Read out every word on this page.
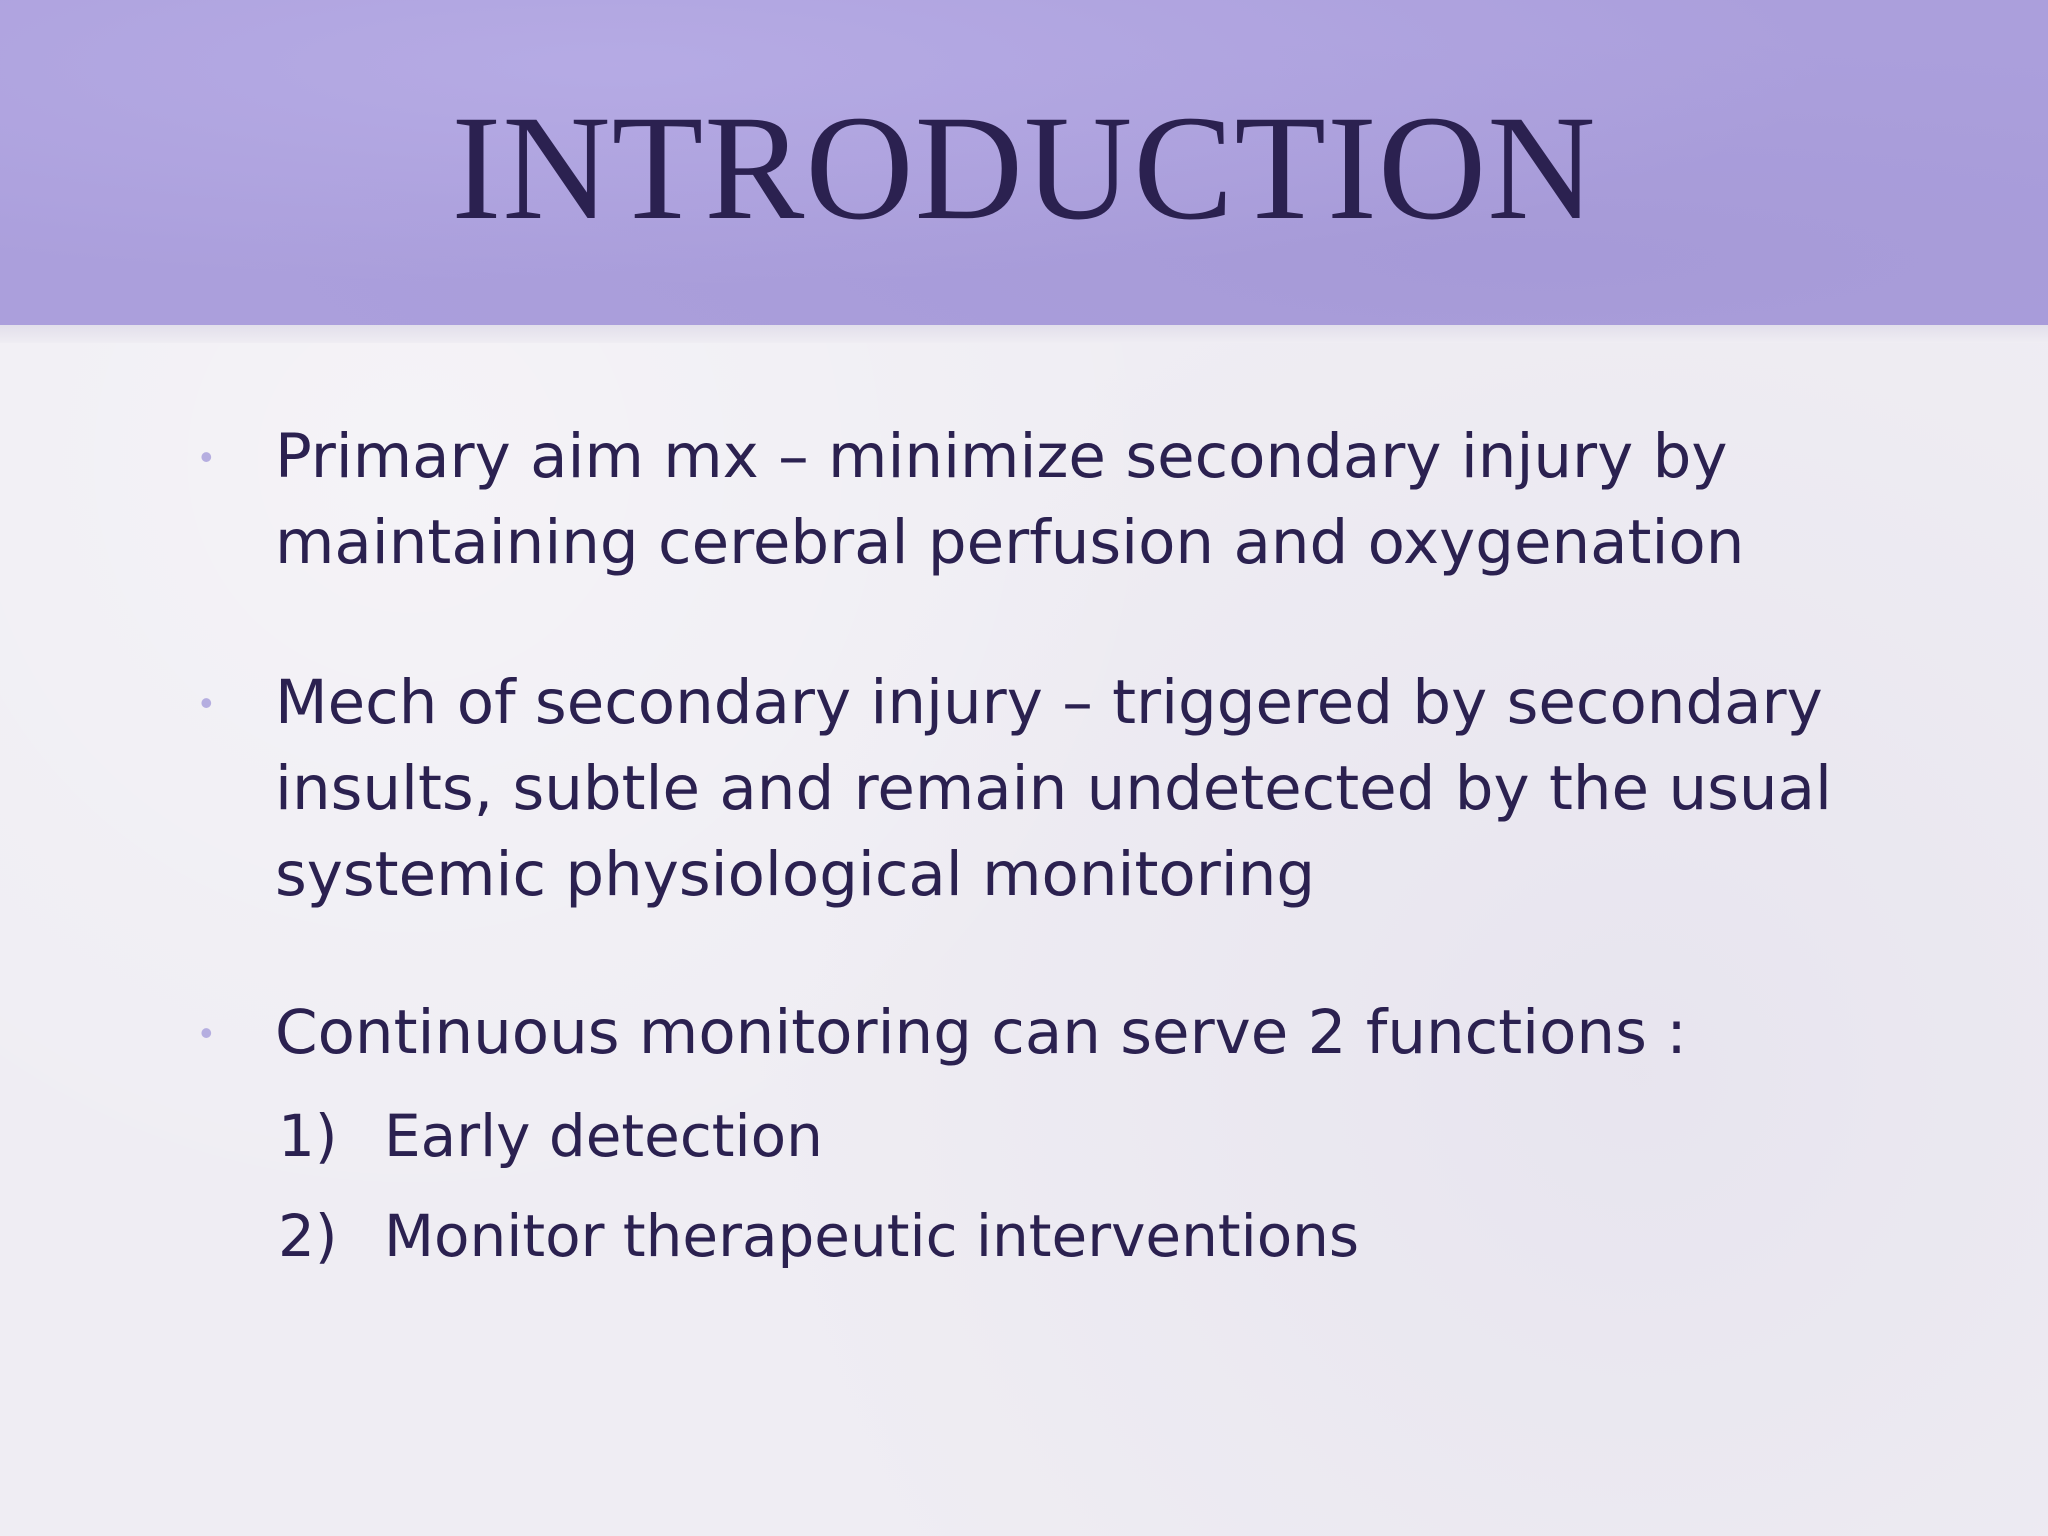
INTRODUCTION
• Primary aim mx – minimize secondary injury by
maintaining cerebral perfusion and oxygenation
• Mech of secondary injury – triggered by secondary
insults, subtle and remain undetected by the usual
systemic physiological monitoring
• Continuous monitoring can serve 2 functions :
1) Early detection
2) Monitor therapeutic interventions
